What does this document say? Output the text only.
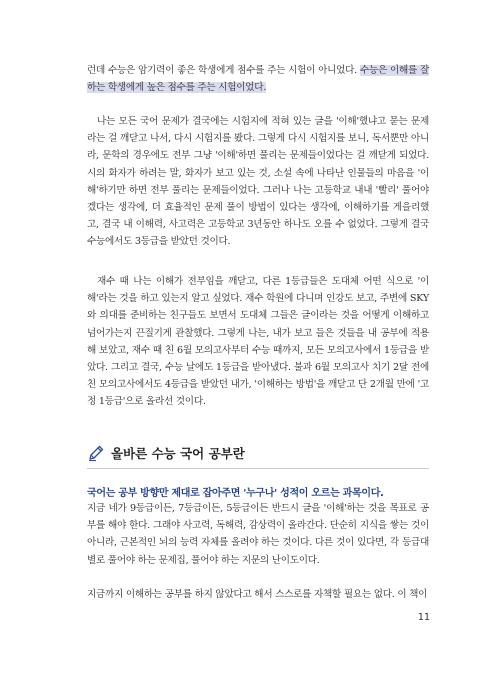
런데 수능은 암기력이 좋은 학생에게 점수를 주는 시험이 아니었다. 수능은 이해를 잘하는 학생에게 높은 점수를 주는 시험이었다.

나는 모든 국어 문제가 결국에는 시험지에 적혀 있는 글을 '이해'했냐고 묻는 문제라는 걸 깨닫고 나서, 다시 시험지를 봤다. 그렇게 다시 시험지를 보니, 독서뿐만 아니라, 문학의 경우에도 전부 그냥 '이해'하면 풀리는 문제들이었다는 걸 깨닫게 되었다. 시의 화자가 하려는 말, 화자가 보고 있는 것, 소설 속에 나타난 인물들의 마음을 '이해'하기만 하면 전부 풀리는 문제들이었다. 그러나 나는 고등학교 내내 '빨리' 풀어야겠다는 생각에, 더 효율적인 문제 풀이 방법이 있다는 생각에, 이해하기를 게을리했고, 결국 내 이해력, 사고력은 고등학교 3년동안 하나도 오를 수 없었다. 그렇게 결국 수능에서도 3등급을 받았던 것이다.

재수 때 나는 이해가 전부임을 깨닫고, 다른 1등급들은 도대체 어떤 식으로 '이해'라는 것을 하고 있는지 알고 싶었다. 재수 학원에 다니며 인강도 보고, 주변에 SKY와 의대를 준비하는 친구들도 보면서 도대체 그들은 글이라는 것을 어떻게 이해하고 넘어가는지 끈질기게 관찰했다. 그렇게 나는, 내가 보고 들은 것들을 내 공부에 적용해 보았고, 재수 때 친 6월 모의고사부터 수능 때까지, 모든 모의고사에서 1등급을 받았다. 그리고 결국, 수능 날에도 1등급을 받아냈다. 불과 6월 모의고사 치기 2달 전에 친 모의고사에서도 4등급을 받았던 내가, '이해하는 방법'을 깨닫고 단 2개월 만에 '고정 1등급'으로 올라선 것이다.

올바른 수능 국어 공부란

국어는 공부 방향만 제대로 잡아주면 '누구나' 성적이 오르는 과목이다.

지금 네가 9등급이든, 7등급이든, 5등급이든 반드시 글을 '이해'하는 것을 목표로 공부를 해야 한다. 그래야 사고력, 독해력, 감상력이 올라간다. 단순히 지식을 쌓는 것이 아니라, 근본적인 뇌의 능력 자체를 올려야 하는 것이다. 다른 것이 있다면, 각 등급대 별로 풀어야 하는 문제집, 풀어야 하는 지문의 난이도이다.

지금까지 이해하는 공부를 하지 않았다고 해서 스스로를 자책할 필요는 없다. 이 책이

11
